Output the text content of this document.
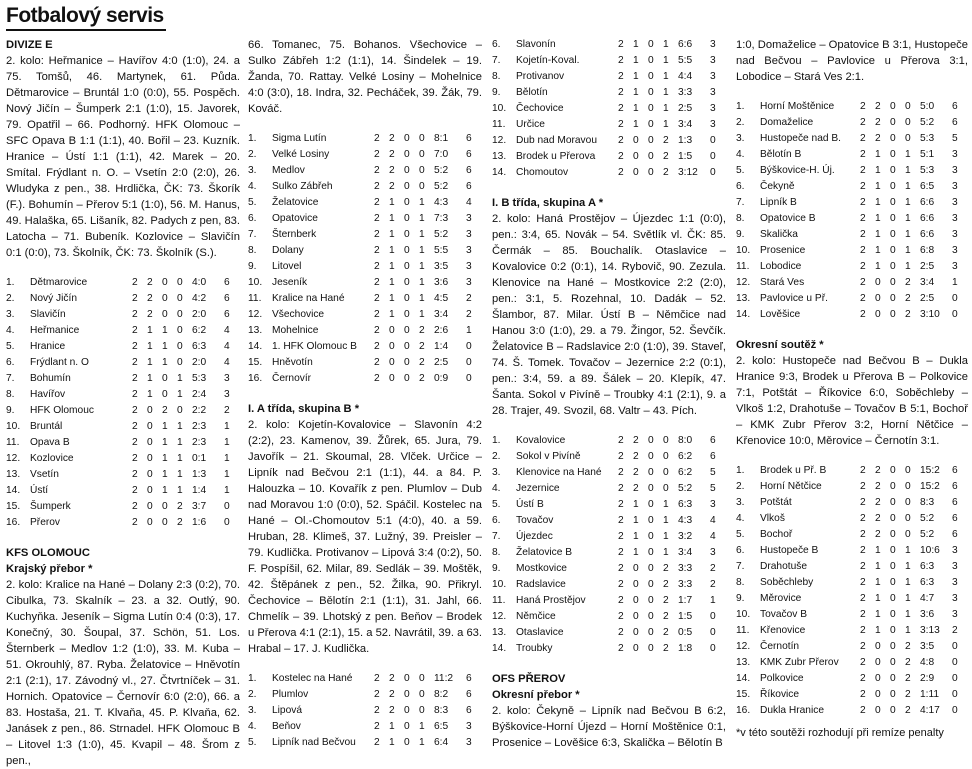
Fotbalový servis
DIVIZE E
2. kolo: Heřmanice – Havířov 4:0 (1:0), 24. a 75. Tomšů, 46. Martynek, 61. Půda. Dětmarovice – Bruntál 1:0 (0:0), 55. Pospěch. Nový Jičín – Šumperk 2:1 (1:0), 15. Javorek, 79. Opatřil – 66. Podhorný. HFK Olomouc – SFC Opava B 1:1 (1:1), 40. Bořil – 23. Kuzník. Hranice – Ústí 1:1 (1:1), 42. Marek – 20. Smítal. Frýdlant n. O. – Vsetín 2:0 (2:0), 26. Wludyka z pen., 38. Hrdlička, ČK: 73. Škorík (F.). Bohumín – Přerov 5:1 (1:0), 56. M. Hanus, 49. Halaška, 65. Lišaník, 82. Padych z pen, 83. Latocha – 71. Bubeník. Kozlovice – Slavičín 0:1 (0:0), 73. Školník, ČK: 73. Školník (S.).
1.	Dětmarovice	2	2	0	0	4:0	6
2.	Nový Jičín	2	2	0	0	4:2	6
3.	Slavičín	2	2	0	0	2:0	6
4.	Heřmanice	2	1	1	0	6:2	4
5.	Hranice	2	1	1	0	6:3	4
6.	Frýdlant n. O	2	1	1	0	2:0	4
7.	Bohumín	2	1	0	1	5:3	3
8.	Havířov	2	1	0	1	2:4	3
9.	HFK Olomouc	2	0	2	0	2:2	2
10.	Bruntál	2	0	1	1	2:3	1
11.	Opava B	2	0	1	1	2:3	1
12.	Kozlovice	2	0	1	1	0:1	1
13.	Vsetín	2	0	1	1	1:3	1
14.	Ústí	2	0	1	1	1:4	1
15.	Šumperk	2	0	0	2	3:7	0
16.	Přerov	2	0	0	2	1:6	0
KFS OLOMOUC
Krajský přebor *
2. kolo: Kralice na Hané – Dolany 2:3 (0:2), 70. Cibulka, 73. Skalník – 23. a 32. Outlý, 90. Kuchyňka. Jeseník – Sigma Lutín 0:4 (0:3), 17. Konečný, 30. Šoupal, 37. Schön, 51. Los. Šternberk – Medlov 1:2 (1:0), 33. M. Kuba – 51. Okrouhlý, 87. Ryba. Želatovice – Hněvotín 2:1 (2:1), 17. Závodný vl., 27. Čtvrtníček – 31. Hornich. Opatovice – Černovír 6:0 (2:0), 66. a 83. Hostaša, 21. T. Klvaňa, 45. P. Klvaňa, 62. Janásek z pen., 86. Strnadel. HFK Olomouc B – Litovel 1:3 (1:0), 45. Kvapil – 48. Šrom z pen.,
66. Tomanec, 75. Bohanos. Všechovice – Sulko Zábřeh 1:2 (1:1), 14. Šindelek – 19. Žanda, 70. Rattay. Velké Losiny – Mohelnice 4:0 (3:0), 18. Indra, 32. Pecháček, 39. Žák, 79. Kováč.
1.	Sigma Lutín	2	2	0	0	8:1	6
2.	Velké Losiny	2	2	0	0	7:0	6
3.	Medlov	2	2	0	0	5:2	6
4.	Sulko Zábřeh	2	2	0	0	5:2	6
5.	Želatovice	2	1	0	1	4:3	4
6.	Opatovice	2	1	0	1	7:3	3
7.	Šternberk	2	1	0	1	5:2	3
8.	Dolany	2	1	0	1	5:5	3
9.	Litovel	2	1	0	1	3:5	3
10.	Jeseník	2	1	0	1	3:6	3
11.	Kralice na Hané	2	1	0	1	4:5	2
12.	Všechovice	2	1	0	1	3:4	2
13.	Mohelnice	2	0	0	2	2:6	1
14.	1. HFK Olomouc B	2	0	0	2	1:4	0
15.	Hněvotín	2	0	0	2	2:5	0
16.	Černovír	2	0	0	2	0:9	0
I. A třída, skupina B *
2. kolo: Kojetín-Kovalovice – Slavonín 4:2 (2:2), 23. Kamenov, 39. Žůrek, 65. Jura, 79. Javořík – 21. Skoumal, 28. Vlček. Určice – Lipník nad Bečvou 2:1 (1:1), 44. a 84. P. Halouzka – 10. Kovařík z pen. Plumlov – Dub nad Moravou 1:0 (0:0), 52. Spáčil. Kostelec na Hané – Ol.-Chomoutov 5:1 (4:0), 40. a 59. Hruban, 28. Klimeš, 37. Lužný, 39. Preisler – 79. Kudlička. Protivanov – Lipová 3:4 (0:2), 50. F. Pospíšil, 62. Milar, 89. Sedlák – 39. Moštěk, 42. Štěpánek z pen., 52. Žilka, 90. Přikryl. Čechovice – Bělotín 2:1 (1:1), 31. Jahl, 66. Chmelík – 39. Lhotský z pen. Beňov – Brodek u Přerova 4:1 (2:1), 15. a 52. Navrátil, 39. a 63. Hrabal – 17. J. Kudlička.
1.	Kostelec na Hané	2	2	0	0	11:2	6
2.	Plumlov	2	2	0	0	8:2	6
3.	Lipová	2	2	0	0	8:3	6
4.	Beňov	2	1	0	1	6:5	3
5.	Lipník nad Bečvou	2	1	0	1	6:4	3
6.	Slavonín	2	1	0	1	6:6	3
7.	Kojetín-Koval.	2	1	0	1	5:5	3
8.	Protivanov	2	1	0	1	4:4	3
9.	Bělotín	2	1	0	1	3:3	3
10.	Čechovice	2	1	0	1	2:5	3
11.	Určice	2	1	0	1	3:4	3
12.	Dub nad Moravou	2	0	0	2	1:3	0
13.	Brodek u Přerova	2	0	0	2	1:5	0
14.	Chomoutov	2	0	0	2	3:12	0
I. B třída, skupina A *
2. kolo: Haná Prostějov – Újezdec 1:1 (0:0), pen.: 3:4, 65. Novák – 54. Světlík vl. ČK: 85. Čermák – 85. Bouchalík. Otaslavice – Kovalovice 0:2 (0:1), 14. Rybovič, 90. Zezula. Klenovice na Hané – Mostkovice 2:2 (2:0), pen.: 3:1, 5. Rozehnal, 10. Dadák – 52. Šlambor, 87. Milar. Ústí B – Němčice nad Hanou 3:0 (1:0), 29. a 79. Žingor, 52. Ševčík. Želatovice B – Radslavice 2:0 (1:0), 39. Staveľ, 74. Š. Tomek. Tovačov – Jezernice 2:2 (0:1), pen.: 3:4, 59. a 89. Šálek – 20. Klepík, 47. Šanta. Sokol v Pivíně – Troubky 4:1 (2:1), 9. a 28. Trajer, 49. Svozil, 68. Valtr – 43. Pích.
1.	Kovalovice	2	2	0	0	8:0	6
2.	Sokol v Pivíně	2	2	0	0	6:2	6
3.	Klenovice na Hané	2	2	0	0	6:2	5
4.	Jezernice	2	2	0	0	5:2	5
5.	Ústí B	2	1	0	1	6:3	3
6.	Tovačov	2	1	0	1	4:3	4
7.	Újezdec	2	1	0	1	3:2	4
8.	Želatovice B	2	1	0	1	3:4	3
9.	Mostkovice	2	0	0	2	3:3	2
10.	Radslavice	2	0	0	2	3:3	2
11.	Haná Prostějov	2	0	0	2	1:7	1
12.	Němčice	2	0	0	2	1:5	0
13.	Otaslavice	2	0	0	2	0:5	0
14.	Troubky	2	0	0	2	1:8	0
OFS PŘEROV
Okresní přebor *
2. kolo: Čekyně – Lipník nad Bečvou B 6:2, Býškovice-Horní Újezd – Horní Moštěnice 0:1, Prosenice – Lověšice 6:3, Skalička – Bělotín B
1:0, Domaželice – Opatovice B 3:1, Hustopeče nad Bečvou – Pavlovice u Přerova 3:1, Lobodice – Stará Ves 2:1.
1.	Horní Moštěnice	2	2	0	0	5:0	6
2.	Domaželice	2	2	0	0	5:2	6
3.	Hustopeče nad B.	2	2	0	0	5:3	5
4.	Bělotín B	2	1	0	1	5:1	3
5.	Býškovice-H. Új.	2	1	0	1	5:3	3
6.	Čekyně	2	1	0	1	6:5	3
7.	Lipník B	2	1	0	1	6:6	3
8.	Opatovice B	2	1	0	1	6:6	3
9.	Skalička	2	1	0	1	6:6	3
10.	Prosenice	2	1	0	1	6:8	3
11.	Lobodice	2	1	0	1	2:5	3
12.	Stará Ves	2	0	0	2	3:4	1
13.	Pavlovice u Př.	2	0	0	2	2:5	0
14.	Lověšice	2	0	0	2	3:10	0
Okresní soutěž *
2. kolo: Hustopeče nad Bečvou B – Dukla Hranice 9:3, Brodek u Přerova B – Polkovice 7:1, Potštát – Říkovice 6:0, Soběchleby – Vlkoš 1:2, Drahotuše – Tovačov B 5:1, Bochoř – KMK Zubr Přerov 3:2, Horní Nětčice – Křenovice 10:0, Měrovice – Černotín 3:1.
1.	Brodek u Př. B	2	2	0	0	15:2	6
2.	Horní Nětčice	2	2	0	0	15:2	6
3.	Potštát	2	2	0	0	8:3	6
4.	Vlkoš	2	2	0	0	5:2	6
5.	Bochoř	2	2	0	0	5:2	6
6.	Hustopeče B	2	1	0	1	10:6	3
7.	Drahotuše	2	1	0	1	6:3	3
8.	Soběchleby	2	1	0	1	6:3	3
9.	Měrovice	2	1	0	1	4:7	3
10.	Tovačov B	2	1	0	1	3:6	3
11.	Křenovice	2	1	0	1	3:13	2
12.	Černotín	2	0	0	2	3:5	0
13.	KMK Zubr Přerov	2	0	0	2	4:8	0
14.	Polkovice	2	0	0	2	2:9	0
15.	Říkovice	2	0	0	2	1:11	0
16.	Dukla Hranice	2	0	0	2	4:17	0
*v této soutěži rozhodují při remíze penalty
